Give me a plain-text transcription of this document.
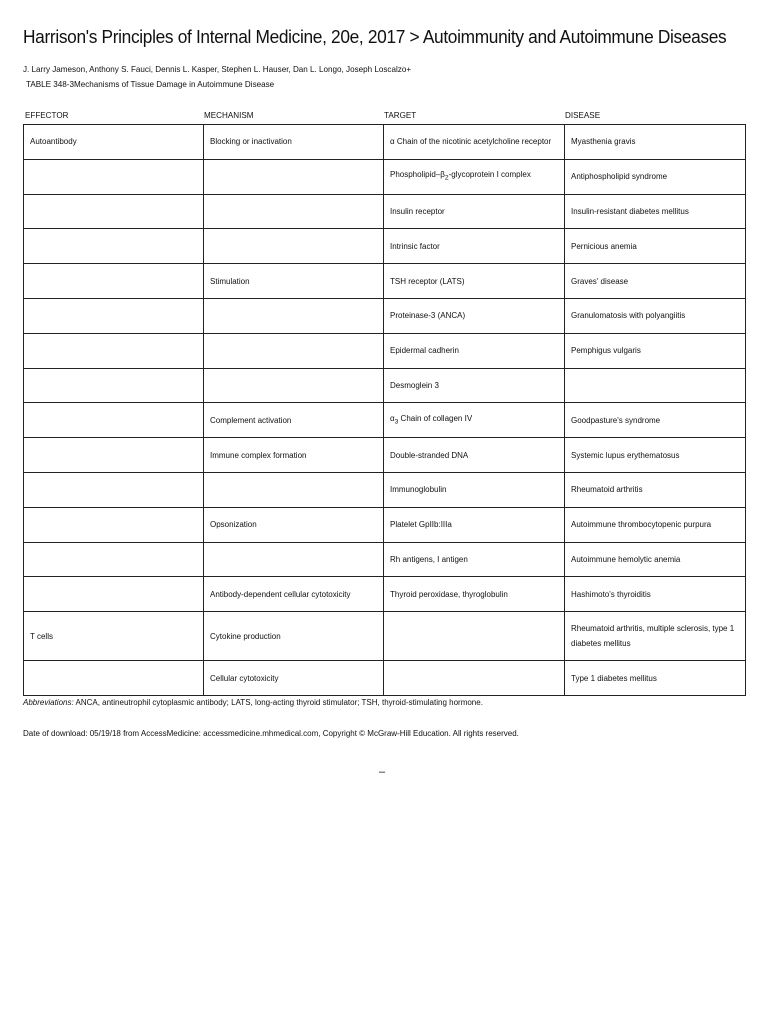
Harrison's Principles of Internal Medicine, 20e, 2017 > Autoimmunity and Autoimmune Diseases
J. Larry Jameson, Anthony S. Fauci, Dennis L. Kasper, Stephen L. Hauser, Dan L. Longo, Joseph Loscalzo+
TABLE 348-3Mechanisms of Tissue Damage in Autoimmune Disease
EFFECTOR	MECHANISM	TARGET	DISEASE
Autoantibody	Blocking or inactivation	α Chain of the nicotinic acetylcholine receptor	Myasthenia gravis
		Phospholipid–$\beta_2$-glycoprotein I complex	Antiphospholipid syndrome
		Insulin receptor	Insulin-resistant diabetes mellitus
		Intrinsic factor	Pernicious anemia
	Stimulation	TSH receptor (LATS)	Graves' disease
		Proteinase-3 (ANCA)	Granulomatosis with polyangiitis
		Epidermal cadherin	Pemphigus vulgaris
		Desmoglein 3	
	Complement activation	$\alpha_3$ Chain of collagen IV	Goodpasture's syndrome
	Immune complex formation	Double-stranded DNA	Systemic lupus erythematosus
		Immunoglobulin	Rheumatoid arthritis
	Opsonization	Platelet GpIIb:IIIa	Autoimmune thrombocytopenic purpura
		Rh antigens, I antigen	Autoimmune hemolytic anemia
	Antibody-dependent cellular cytotoxicity	Thyroid peroxidase, thyroglobulin	Hashimoto's thyroiditis
T cells	Cytokine production		Rheumatoid arthritis, multiple sclerosis, type 1 diabetes mellitus
	Cellular cytotoxicity		Type 1 diabetes mellitus
Abbreviations: ANCA, antineutrophil cytoplasmic antibody; LATS, long-acting thyroid stimulator; TSH, thyroid-stimulating hormone.
Date of download: 05/19/18 from AccessMedicine: accessmedicine.mhmedical.com, Copyright © McGraw-Hill Education. All rights reserved.
–
